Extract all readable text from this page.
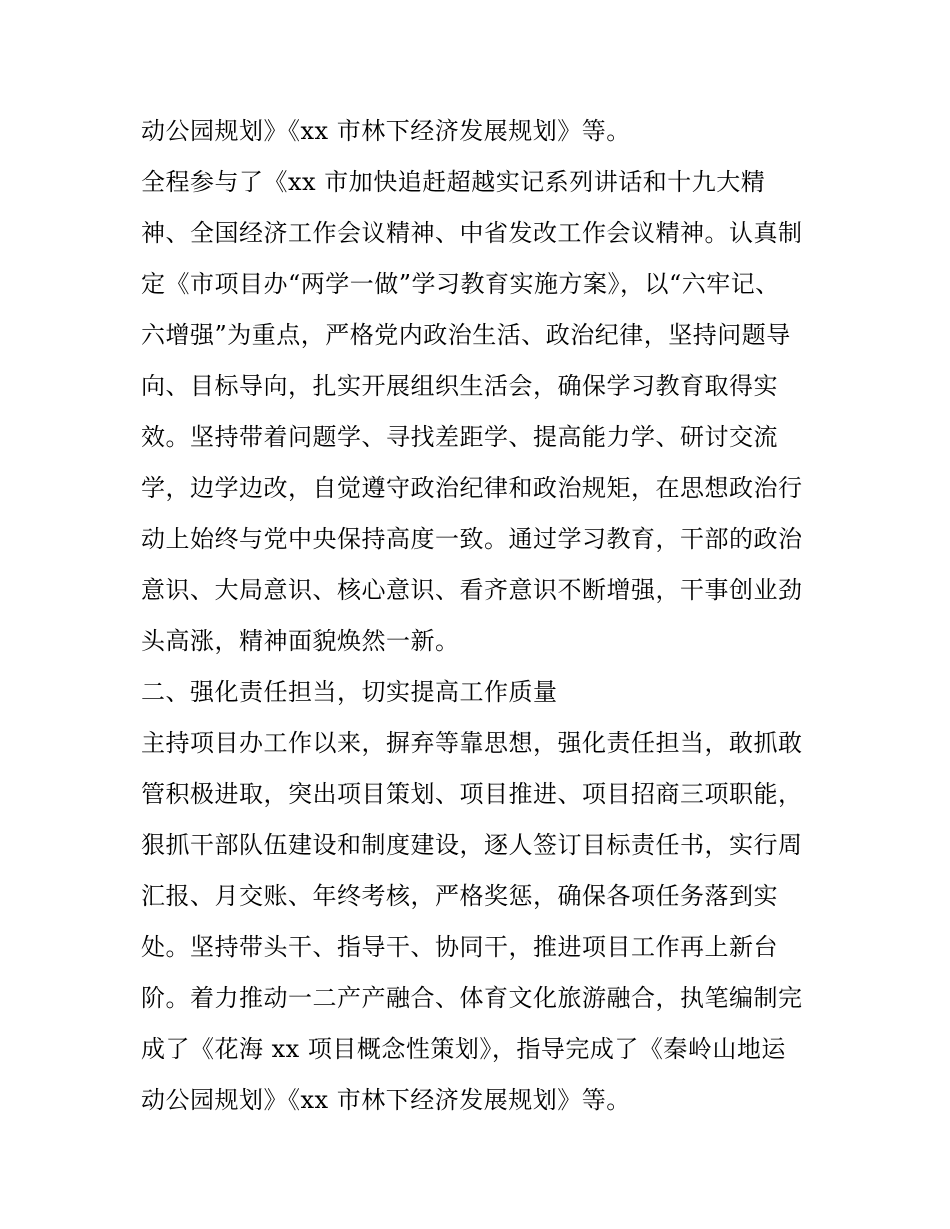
动公园规划》《xx 市林下经济发展规划》等。
全程参与了《xx 市加快追赶超越实记系列讲话和十九大精
神、全国经济工作会议精神、中省发改工作会议精神。认真制
定《市项目办“两学一做”学习教育实施方案》，以“六牢记、
六增强”为重点，严格党内政治生活、政治纪律，坚持问题导
向、目标导向，扎实开展组织生活会，确保学习教育取得实
效。坚持带着问题学、寻找差距学、提高能力学、研讨交流
学，边学边改，自觉遵守政治纪律和政治规矩，在思想政治行
动上始终与党中央保持高度一致。通过学习教育，干部的政治
意识、大局意识、核心意识、看齐意识不断增强，干事创业劲
头高涨，精神面貌焕然一新。
二、强化责任担当，切实提高工作质量
主持项目办工作以来，摒弃等靠思想，强化责任担当，敢抓敢
管积极进取，突出项目策划、项目推进、项目招商三项职能，
狠抓干部队伍建设和制度建设，逐人签订目标责任书，实行周
汇报、月交账、年终考核，严格奖惩，确保各项任务落到实
处。坚持带头干、指导干、协同干，推进项目工作再上新台
阶。着力推动一二产产融合、体育文化旅游融合，执笔编制完
成了《花海 xx 项目概念性策划》，指导完成了《秦岭山地运
动公园规划》《xx 市林下经济发展规划》等。
